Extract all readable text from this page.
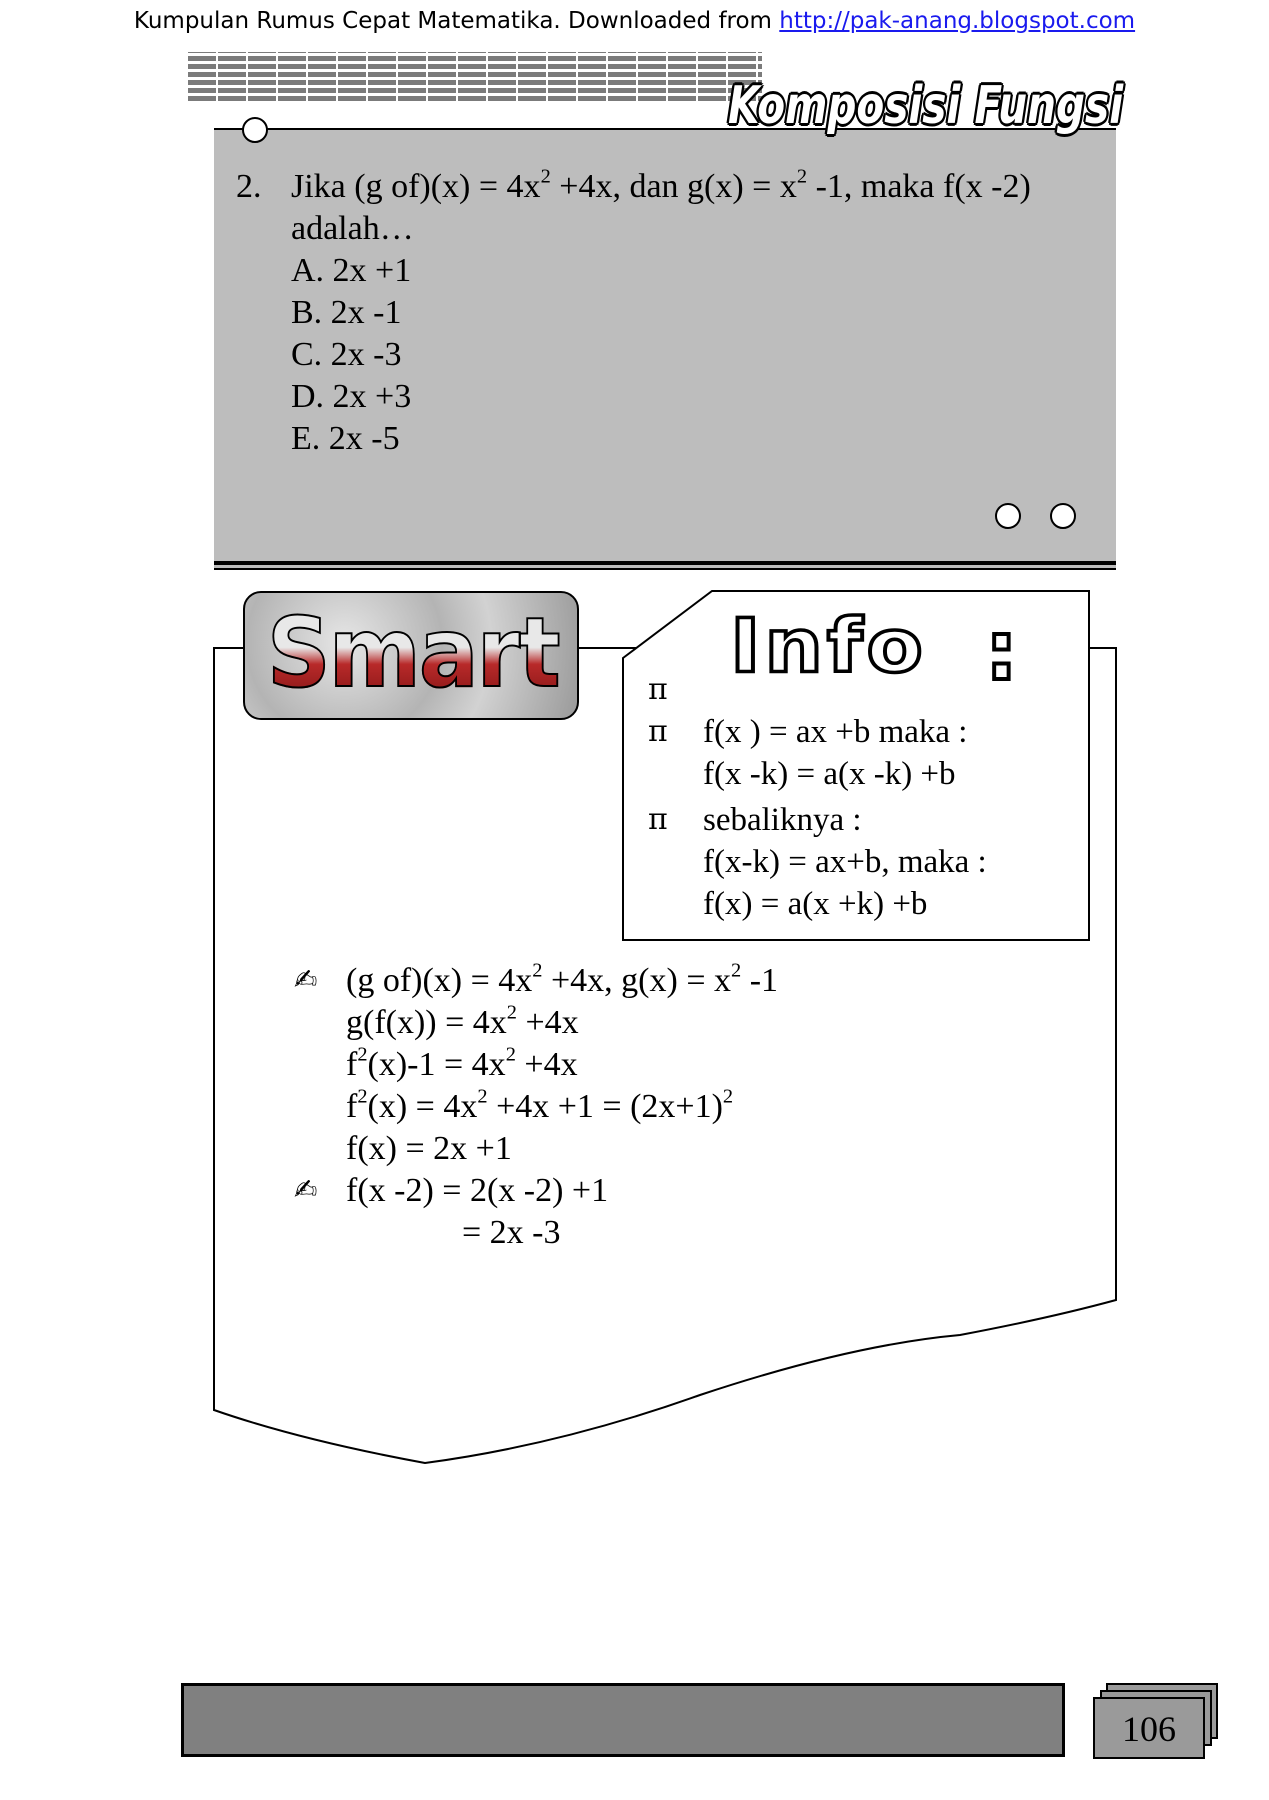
Kumpulan Rumus Cepat Matematika. Downloaded from http://pak-anang.blogspot.com
Komposisi Fungsi
2. Jika (g $of)(x) = 4x^2 +4x$, dan $g(x) = x^2$ -1, maka f(x -2)
adalah…
A. 2x +1
B. 2x -1
C. 2x -3
D. 2x +3
E. 2x -5
Smart Info :
π
π f(x ) = ax +b maka :
f(x -k) = a(x -k) +b
π sebaliknya :
f(x-k) = ax+b, maka :
f(x) = a(x +k) +b
✍ (g $of)(x) = 4x^2 +4x$, $g(x) = x^2$ -1
$g(f(x)) = 4x^2 +4x$
$f^2(x)-1 = 4x^2 +4x$
$f^2(x) = 4x^2 +4x +1 = (2x+1)^2$
f(x) = 2x +1
✍ f(x -2) = 2(x -2) +1
= 2x -3
106
